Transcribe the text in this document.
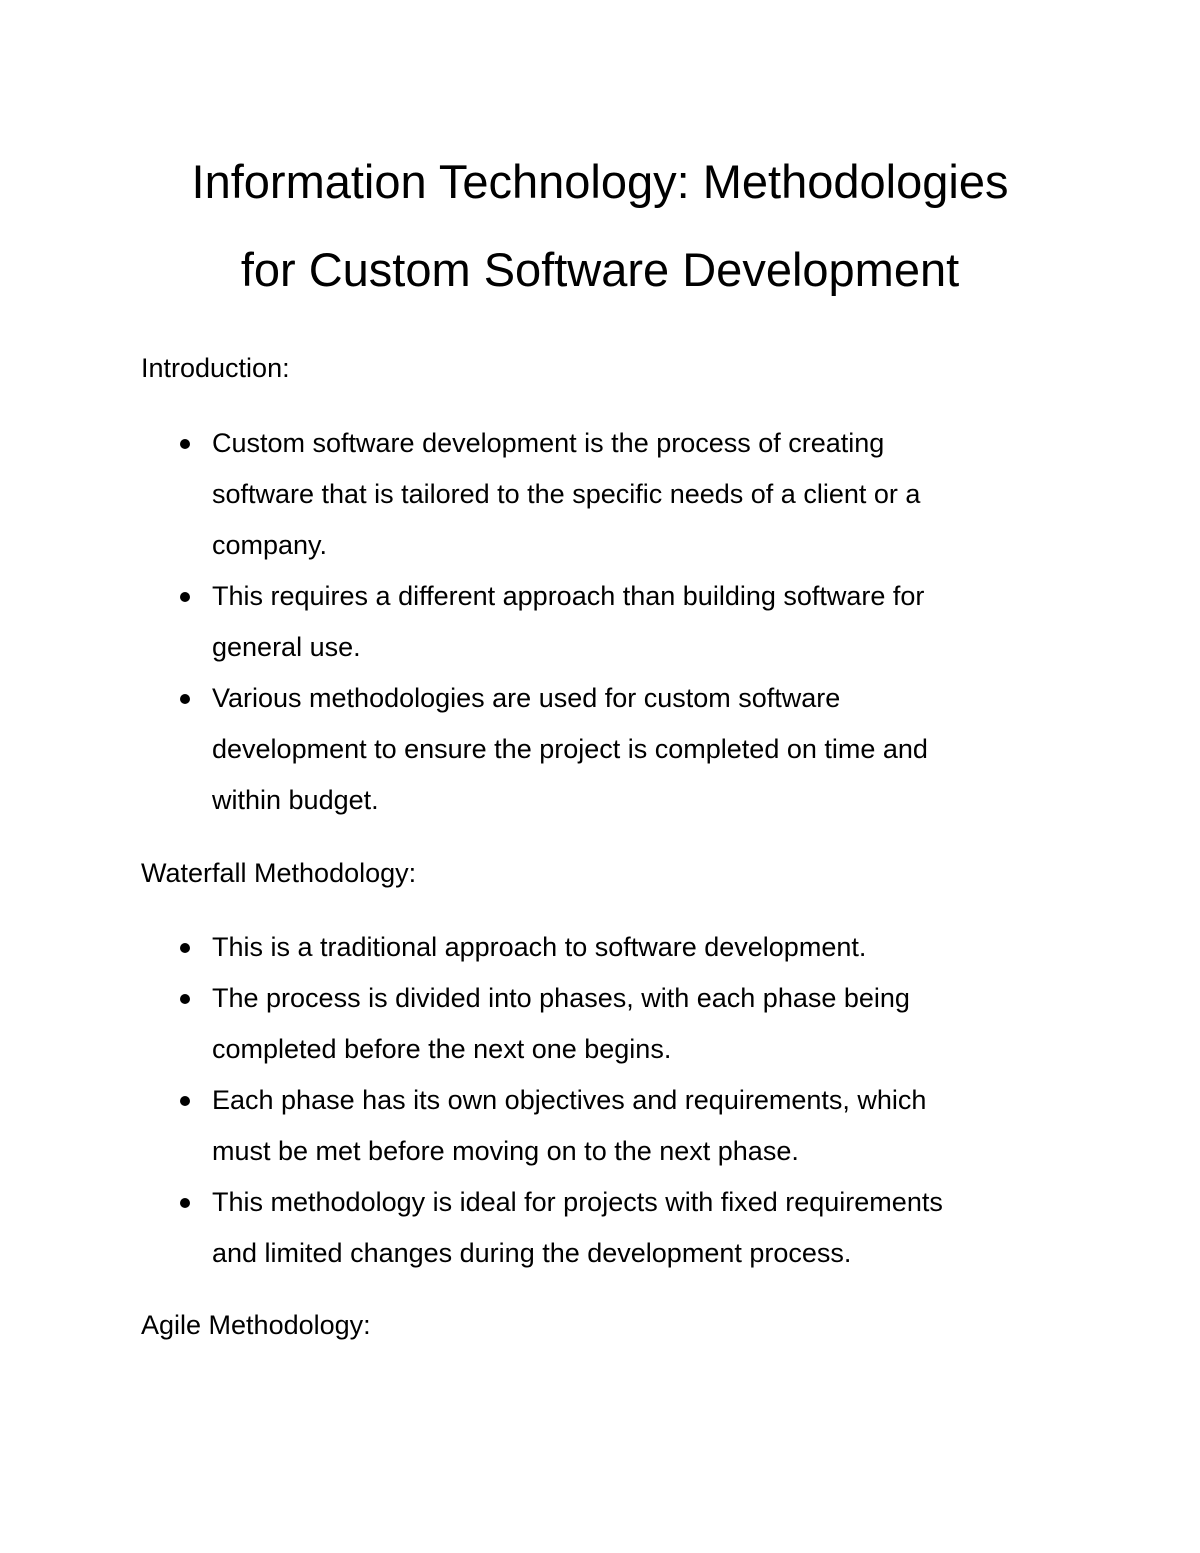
Information Technology: Methodologies
for Custom Software Development
Introduction:
Custom software development is the process of creating
software that is tailored to the specific needs of a client or a
company.
This requires a different approach than building software for
general use.
Various methodologies are used for custom software
development to ensure the project is completed on time and
within budget.
Waterfall Methodology:
This is a traditional approach to software development.
The process is divided into phases, with each phase being
completed before the next one begins.
Each phase has its own objectives and requirements, which
must be met before moving on to the next phase.
This methodology is ideal for projects with fixed requirements
and limited changes during the development process.
Agile Methodology:
